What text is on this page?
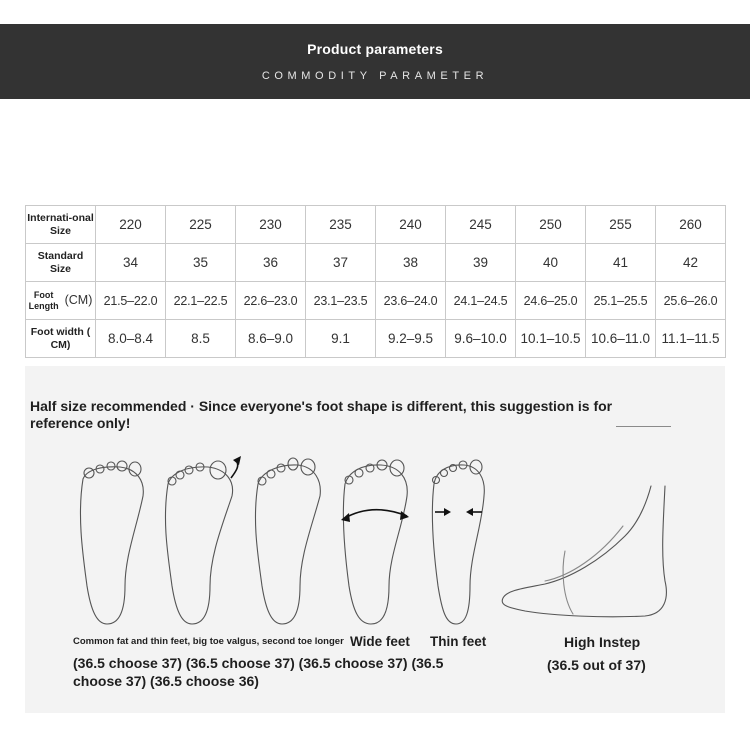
Product parameters
COMMODITY PARAMETER
Internati-onal Size	220	225	230	235	240	245	250	255	260
Standard Size	34	35	36	37	38	39	40	41	42

Foot Length (CM)	21.5–22.0	22.1–22.5	22.6–23.0	23.1–23.5	23.6–24.0	24.1–24.5	24.6–25.0	25.1–25.5	25.6–26.0
Foot width ( CM)	8.0–8.4	8.5	8.6–9.0	9.1	9.2–9.5	9.6–10.0	10.1–10.5	10.6–11.0	11.1–11.5
Half size recommended · Since everyone's foot shape is different, this suggestion is for reference only!
Common fat and thin feet, big toe valgus, second toe longer Wide feet Thin feet	High Instep
(36.5 choose 37) (36.5 choose 37) (36.5 choose 37) (36.5 choose 37) (36.5 choose 36)
(36.5 out of 37)
